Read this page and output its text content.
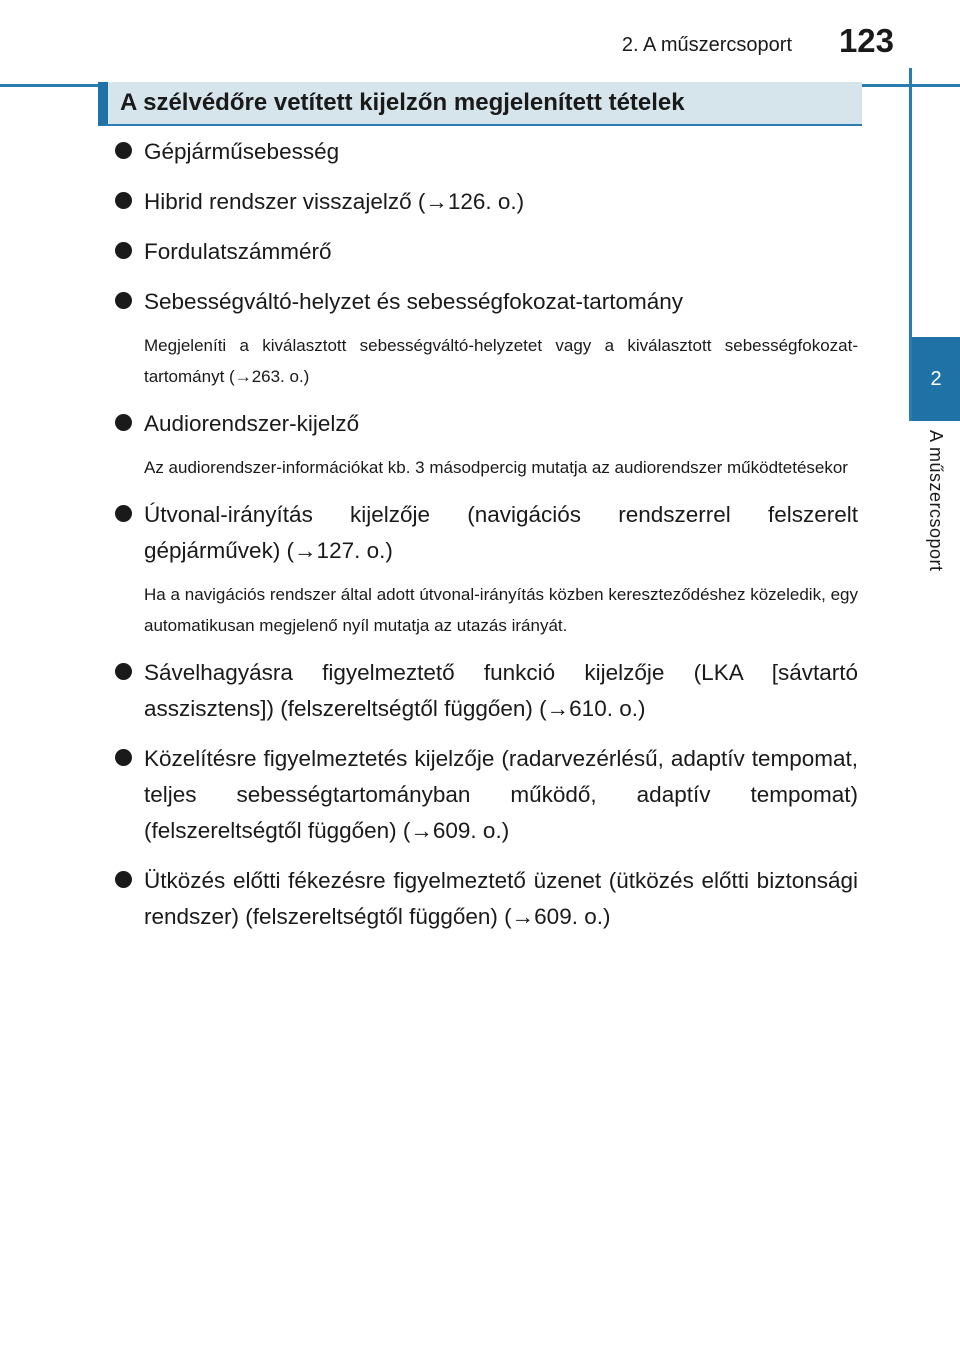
2. A műszercsoport 123
2
A műszercsoport
A szélvédőre vetített kijelzőn megjelenített tételek
Gépjárműsebesség
Hibrid rendszer visszajelző (→126. o.)
Fordulatszámmérő
Sebességváltó-helyzet és sebességfokozat-tartomány
Megjeleníti a kiválasztott sebességváltó-helyzetet vagy a kiválasztott sebességfokozat-tartományt (→263. o.)
Audiorendszer-kijelző
Az audiorendszer-információkat kb. 3 másodpercig mutatja az audiorendszer működtetésekor
Útvonal-irányítás kijelzője (navigációs rendszerrel felszerelt gépjárművek) (→127. o.)
Ha a navigációs rendszer által adott útvonal-irányítás közben kereszteződéshez közeledik, egy automatikusan megjelenő nyíl mutatja az utazás irányát.
Sávelhagyásra figyelmeztető funkció kijelzője (LKA [sávtartó asszisztens]) (felszereltségtől függően) (→610. o.)
Közelítésre figyelmeztetés kijelzője (radarvezérlésű, adaptív tempomat, teljes sebességtartományban működő, adaptív tempomat) (felszereltségtől függően) (→609. o.)
Ütközés előtti fékezésre figyelmeztető üzenet (ütközés előtti biztonsági rendszer) (felszereltségtől függően) (→609. o.)
